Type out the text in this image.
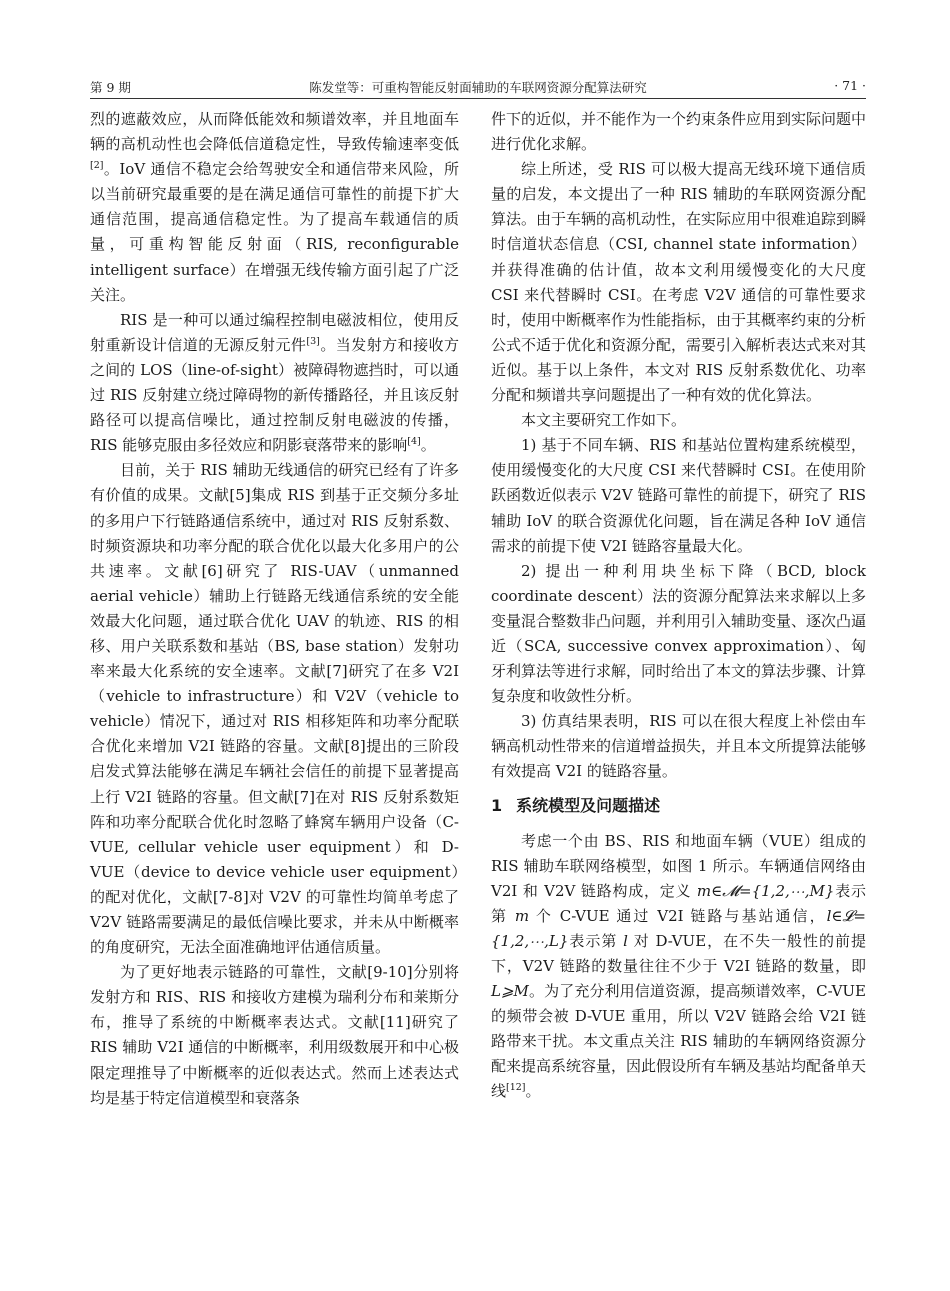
第 9 期	陈发堂等：可重构智能反射面辅助的车联网资源分配算法研究	· 71 ·

烈的遮蔽效应，从而降低能效和频谱效率，并且地面车辆的高机动性也会降低信道稳定性，导致传输速率变低[2]。IoV 通信不稳定会给驾驶安全和通信带来风险，所以当前研究最重要的是在满足通信可靠性的前提下扩大通信范围，提高通信稳定性。为了提高车载通信的质量，可重构智能反射面（RIS, reconfigurable intelligent surface）在增强无线传输方面引起了广泛关注。

RIS 是一种可以通过编程控制电磁波相位，使用反射重新设计信道的无源反射元件[3]。当发射方和接收方之间的 LOS（line-of-sight）被障碍物遮挡时，可以通过 RIS 反射建立绕过障碍物的新传播路径，并且该反射路径可以提高信噪比，通过控制反射电磁波的传播，RIS 能够克服由多径效应和阴影衰落带来的影响[4]。

目前，关于 RIS 辅助无线通信的研究已经有了许多有价值的成果。文献[5]集成 RIS 到基于正交频分多址的多用户下行链路通信系统中，通过对 RIS 反射系数、时频资源块和功率分配的联合优化以最大化多用户的公共速率。文献[6]研究了 RIS-UAV（unmanned aerial vehicle）辅助上行链路无线通信系统的安全能效最大化问题，通过联合优化 UAV 的轨迹、RIS 的相移、用户关联系数和基站（BS, base station）发射功率来最大化系统的安全速率。文献[7]研究了在多 V2I（vehicle to infrastructure）和 V2V（vehicle to vehicle）情况下，通过对 RIS 相移矩阵和功率分配联合优化来增加 V2I 链路的容量。文献[8]提出的三阶段启发式算法能够在满足车辆社会信任的前提下显著提高上行 V2I 链路的容量。但文献[7]在对 RIS 反射系数矩阵和功率分配联合优化时忽略了蜂窝车辆用户设备（C-VUE, cellular vehicle user equipment）和 D-VUE（device to device vehicle user equipment）的配对优化，文献[7-8]对 V2V 的可靠性均简单考虑了 V2V 链路需要满足的最低信噪比要求，并未从中断概率的角度研究，无法全面准确地评估通信质量。

为了更好地表示链路的可靠性，文献[9-10]分别将发射方和 RIS、RIS 和接收方建模为瑞利分布和莱斯分布，推导了系统的中断概率表达式。文献[11]研究了 RIS 辅助 V2I 通信的中断概率，利用级数展开和中心极限定理推导了中断概率的近似表达式。然而上述表达式均是基于特定信道模型和衰落条

件下的近似，并不能作为一个约束条件应用到实际问题中进行优化求解。

综上所述，受 RIS 可以极大提高无线环境下通信质量的启发，本文提出了一种 RIS 辅助的车联网资源分配算法。由于车辆的高机动性，在实际应用中很难追踪到瞬时信道状态信息（CSI, channel state information）并获得准确的估计值，故本文利用缓慢变化的大尺度 CSI 来代替瞬时 CSI。在考虑 V2V 通信的可靠性要求时，使用中断概率作为性能指标，由于其概率约束的分析公式不适于优化和资源分配，需要引入解析表达式来对其近似。基于以上条件，本文对 RIS 反射系数优化、功率分配和频谱共享问题提出了一种有效的优化算法。

本文主要研究工作如下。

1) 基于不同车辆、RIS 和基站位置构建系统模型，使用缓慢变化的大尺度 CSI 来代替瞬时 CSI。在使用阶跃函数近似表示 V2V 链路可靠性的前提下，研究了 RIS 辅助 IoV 的联合资源优化问题，旨在满足各种 IoV 通信需求的前提下使 V2I 链路容量最大化。

2) 提出一种利用块坐标下降（BCD, block coordinate descent）法的资源分配算法来求解以上多变量混合整数非凸问题，并利用引入辅助变量、逐次凸逼近（SCA, successive convex approximation）、匈牙利算法等进行求解，同时给出了本文的算法步骤、计算复杂度和收敛性分析。

3) 仿真结果表明，RIS 可以在很大程度上补偿由车辆高机动性带来的信道增益损失，并且本文所提算法能够有效提高 V2I 的链路容量。

1 系统模型及问题描述

考虑一个由 BS、RIS 和地面车辆（VUE）组成的 RIS 辅助车联网络模型，如图 1 所示。车辆通信网络由 V2I 和 V2V 链路构成，定义 m∈𝓜={1,2,⋯,M}表示第 m 个 C-VUE 通过 V2I 链路与基站通信，l∈𝓛={1,2,⋯,L}表示第 l 对 D-VUE，在不失一般性的前提下，V2V 链路的数量往往不少于 V2I 链路的数量，即 L⩾M。为了充分利用信道资源，提高频谱效率，C-VUE 的频带会被 D-VUE 重用，所以 V2V 链路会给 V2I 链路带来干扰。本文重点关注 RIS 辅助的车辆网络资源分配来提高系统容量，因此假设所有车辆及基站均配备单天线[12]。
